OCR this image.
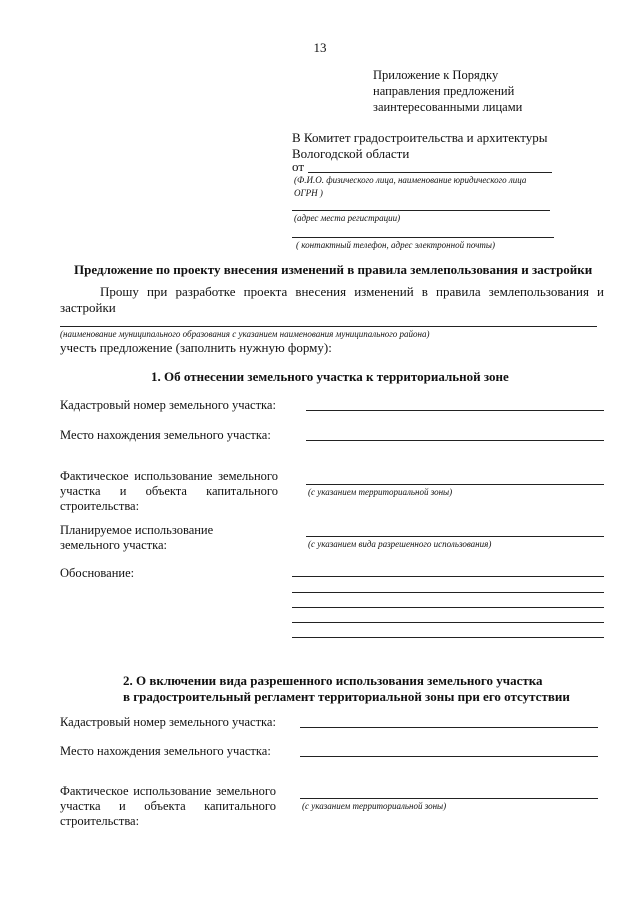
13
Приложение к Порядку
направления предложений
заинтересованными лицами
В Комитет градостроительства и архитектуры
Вологодской области
от
(Ф.И.О. физического лица, наименование юридического лица
ОГРН )
(адрес места регистрации)
( контактный телефон, адрес электронной почты)
Предложение по проекту внесения изменений в правила землепользования и застройки
Прошу при разработке проекта внесения изменений в правила землепользования и
застройки
(наименование муниципального образования с указанием наименования муниципального района)
учесть предложение (заполнить нужную форму):
1. Об отнесении земельного участка к территориальной зоне
Кадастровый номер земельного участка:
Место нахождения земельного участка:
Фактическое использование земельного
участка и объекта капитального
строительства:
(с указанием территориальной зоны)
Планируемое использование
земельного участка:	(с указанием вида разрешенного использования)
Обоснование:
2. О включении вида разрешенного использования земельного участка
в градостроительный регламент территориальной зоны при его отсутствии
Кадастровый номер земельного участка:
Место нахождения земельного участка:
Фактическое использование земельного
участка и объекта капитального
строительства:
(с указанием территориальной зоны)
